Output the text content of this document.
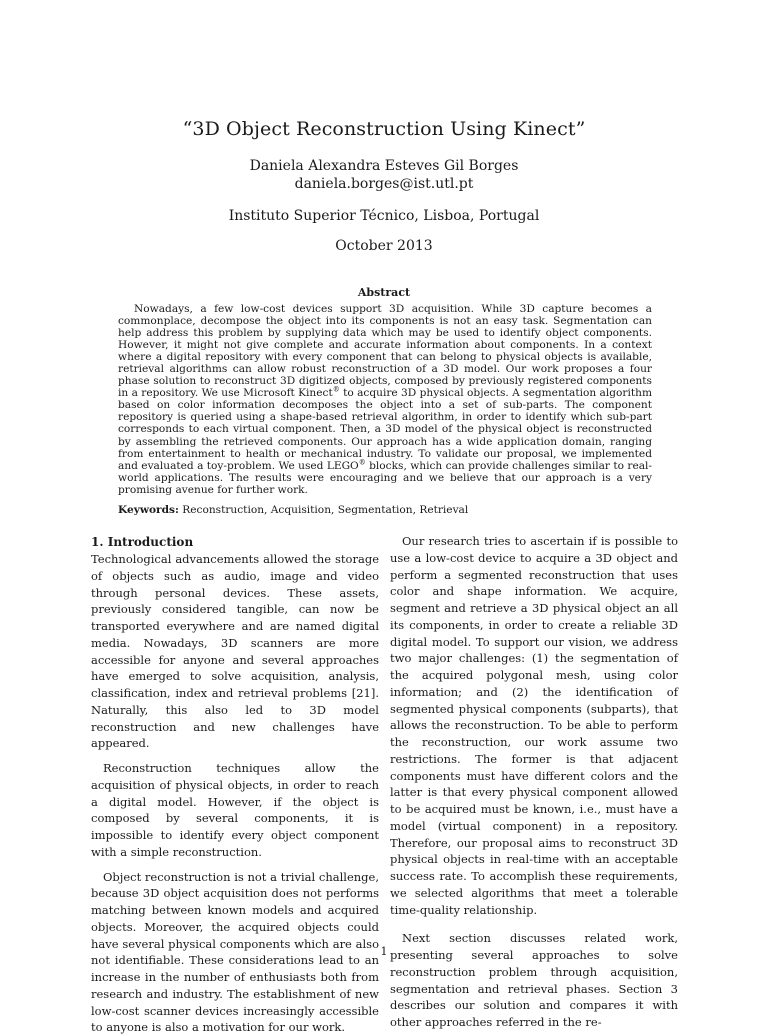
“3D Object Reconstruction Using Kinect”
Daniela Alexandra Esteves Gil Borges
daniela.borges@ist.utl.pt
Instituto Superior Técnico, Lisboa, Portugal
October 2013
Abstract

Nowadays, a few low-cost devices support 3D acquisition. While 3D capture becomes a commonplace, decompose the object into its components is not an easy task. Segmentation can help address this problem by supplying data which may be used to identify object components. However, it might not give complete and accurate information about components. In a context where a digital repository with every component that can belong to physical objects is available, retrieval algorithms can allow robust reconstruction of a 3D model. Our work proposes a four phase solution to reconstruct 3D digitized objects, composed by previously registered components in a repository. We use Microsoft Kinect® to acquire 3D physical objects. A segmentation algorithm based on color information decomposes the object into a set of sub-parts. The component repository is queried using a shape-based retrieval algorithm, in order to identify which sub-part corresponds to each virtual component. Then, a 3D model of the physical object is reconstructed by assembling the retrieved components. Our approach has a wide application domain, ranging from entertainment to health or mechanical industry. To validate our proposal, we implemented and evaluated a toy-problem. We used LEGO® blocks, which can provide challenges similar to real-world applications. The results were encouraging and we believe that our approach is a very promising avenue for further work.

Keywords: Reconstruction, Acquisition, Segmentation, Retrieval

1. Introduction

Technological advancements allowed the storage of objects such as audio, image and video through personal devices. These assets, previously considered tangible, can now be transported everywhere and are named digital media. Nowadays, 3D scanners are more accessible for anyone and several approaches have emerged to solve acquisition, analysis, classification, index and retrieval problems [21]. Naturally, this also led to 3D model reconstruction and new challenges have appeared.

Reconstruction techniques allow the acquisition of physical objects, in order to reach a digital model. However, if the object is composed by several components, it is impossible to identify every object component with a simple reconstruction.

Object reconstruction is not a trivial challenge, because 3D object acquisition does not performs matching between known models and acquired objects. Moreover, the acquired objects could have several physical components which are also not identifiable. These considerations lead to an increase in the number of enthusiasts both from research and industry. The establishment of new low-cost scanner devices increasingly accessible to anyone is also a motivation for our work.

Our research tries to ascertain if is possible to use a low-cost device to acquire a 3D object and perform a segmented reconstruction that uses color and shape information. We acquire, segment and retrieve a 3D physical object an all its components, in order to create a reliable 3D digital model. To support our vision, we address two major challenges: (1) the segmentation of the acquired polygonal mesh, using color information; and (2) the identification of segmented physical components (subparts), that allows the reconstruction. To be able to perform the reconstruction, our work assume two restrictions. The former is that adjacent components must have different colors and the latter is that every physical component allowed to be acquired must be known, i.e., must have a model (virtual component) in a repository. Therefore, our proposal aims to reconstruct 3D physical objects in real-time with an acceptable success rate. To accomplish these requirements, we selected algorithms that meet a tolerable time-quality relationship.

Next section discusses related work, presenting several approaches to solve reconstruction problem through acquisition, segmentation and retrieval phases. Section 3 describes our solution and compares it with other approaches referred in the re-

1
